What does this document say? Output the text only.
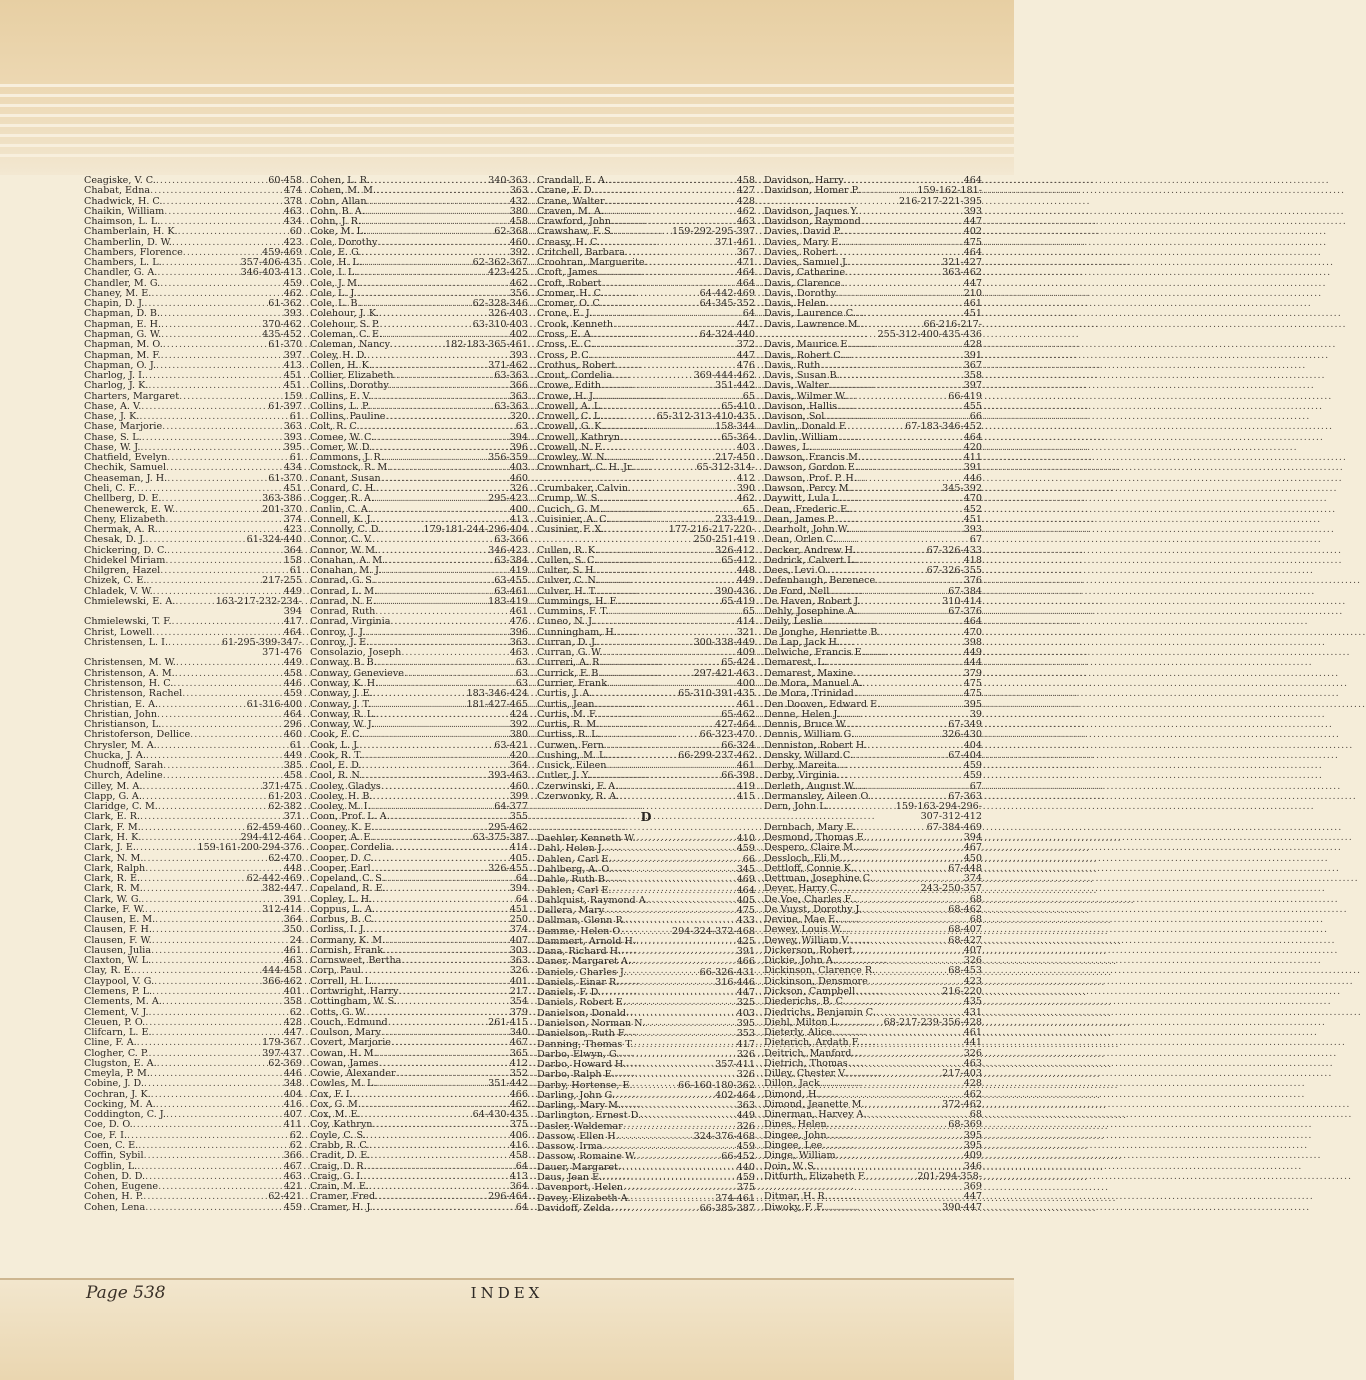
Ceagiske, V. C. .....	60-458
Chabat, Edna .....	474
Chadwick, H. C. .....	378
Chaikin, William .....	463
Chaimson, L. L. .....	434
Chamberlain, H. K. .....	60
Chamberlin, D. W. .....	423
Chambers, Florence .....	459-469
Chambers, L. L. .....	357-406-435
Chandler, G. A. .....	346-403-413
Chandler, M. G. .....	459
Chaney, M. E. .....	462
Chapin, D. J. .....	61-362
Chapman, D. B. .....	393
Chapman, E. H. .....	370-462
Chapman, G. W. .....	435-452
Chapman, M. O. .....	61-370
Chapman, M. F. .....	397
Chapman, O. J. .....	413
Charlog, J. I. .....	451
Charlog, J. K. .....	451
Charters, Margaret .....	159
Chase, A. V. .....	61-397
Chase, J. K. .....	61
Chase, Marjorie .....	363
Chase, S. L. .....	393
Chase, W. J. .....	395
Chatfield, Evelyn .....	61
Chechik, Samuel .....	434
Cheaseman, J. H. .....	61-370
Cheli, C. F. .....	451
Chellberg, D. E. .....	363-386
Chenewerck, E. W. .....	201-370
Cheny, Elizabeth .....	374
Chermak, A. R. .....	423
Chesak, D. J. .....	61-324-440
Chickering, D. C. .....	364
Chidekel Miriam .....	158
Chilgren, Hazel .....	61
Chizek, C. E. .....	217-255
Chladek, V. W. .....	449
Chmielewski, E. A. .....	163-217-232-234-
394
Chmielewski, T. F. .....	417
Christ, Lowell .....	464
Christensen, L. I. .....	61-295-399-347-
371-476
Christensen, M. W. .....	449
Christenson, A. M. .....	458
Christenson, H. C. .....	446
Christenson, Rachel .....	459
Christian, E. A. .....	61-316-400
Christian, John .....	464
Christianson, L. .....	296
Christoferson, Dellice .....	460
Chrysler, M. A. .....	61
Chucka, J. A. .....	449
Chudnoff, Sarah .....	385
Church, Adeline .....	458
Cilley, M. A. .....	371-475
Clapp, G. A. .....	61-203
Claridge, C. M. .....	62-382
Clark, E. R. .....	371
Clark, F. M. .....	62-459-460
Clark, H. K. .....	294-412-464
Clark, J. E. .....	159-161-200-294-376
Clark, N. M. .....	62-470
Clark, Ralph .....	448
Clark, R. E. .....	62-442-469
Clark, R. M. .....	382-447
Clark, W. G. .....	391
Clarke, F. W. .....	312-414
Clausen, E. M. .....	364
Clausen, F. H. .....	350
Clausen, F. W. .....	24
Clausen, Julia .....	461
Claxton, W. L. .....	463
Clay, R. E. .....	444-458
Claypool, V. G. .....	366-462
Clemens, P. L. .....	401
Clements, M. A. .....	358
Clement, V. J. .....	62
Cleuen, P. O. .....	428
Clifcarn, L. E. .....	447
Cline, F. A. .....	179-367
Clogher, C. P. .....	397-437
Clugston, E. A. .....	62-369
Cmeyla, P. M. .....	446
Cobine, J. D. .....	348
Cochran, J. K. .....	404
Cocking, M. A. .....	416
Coddington, C. J. .....	407
Coe, D. O. .....	411
Coe, F. I. .....	62
Coen, C. E. .....	62
Coffin, Sybil .....	366
Cogblin, L. .....	467
Cohen, D. D. .....	463
Cohen, Eugene .....	421
Cohen, H. P. .....	62-421
Cohen, Lena .....	459
Cohen, L. R. .....	340-363
Cohen, M. M. .....	363
Cohn, Allan .....	432
Cohn, B. A. .....	380
Cohn, J. R. .....	458
Coke, M. L. .....	62-368
Cole, Dorothy .....	460
Cole, E. G. .....	392
Cole, H. L. .....	62-362-367
Cole, I. L. .....	423-425
Cole, J. M. .....	462
Cole, L. J. .....	356
Cole, L. B. .....	62-328-346
Colehour, J. K. .....	326-403
Colehour, S. P. .....	63-310-403
Coleman, C. E. .....	402
Coleman, Nancy .....	182-183-365-461
Coley, H. D. .....	393
Collen, H. K. .....	371-462
Collier, Elizabeth .....	63-363
Collins, Dorothy .....	366
Collins, E. V. .....	363
Collins, L. P. .....	63-363
Collins, Pauline .....	320
Colt, R. C. .....	63
Comee, W. C. .....	394
Comer, W. D. .....	396
Commons, J. R. .....	356-359
Comstock, R. M. .....	403
Conant, Susan .....	460
Conard, C. H. .....	326
Cogger, R. A. .....	295-423
Conlin, C. A. .....	400
Connell, K. J. .....	413
Connolly, C. D. .....	179-181-244-296-404
Connor, C. V. .....	63-366
Connor, W. M. .....	346-423
Conahan, A. M. .....	63-384
Conahan, M. J. .....	419
Conrad, G. S. .....	63-455
Conrad, L. M. .....	63-461
Conrad, N. E. .....	183-419
Conrad, Ruth .....	461
Conrad, Virginia .....	476
Conroy, J. J. .....	396
Conroy, J. E. .....	363
Consolazio, Joseph .....	463
Conway, B. B. .....	63
Conway, Genevieve .....	63
Conway, K. H. .....	63
Conway, J. E. .....	183-346-424
Conway, J. T. .....	181-427-465
Conway, R. L. .....	424
Conway, W. J. .....	392
Cook, F. C. .....	380
Cook, L. J. .....	63-421
Cook, R. T. .....	420
Cool, E. D. .....	364
Cool, R. N. .....	393-463
Cooley, Gladys .....	460
Cooley, H. B. .....	399
Cooley, M. I. .....	64-377
Coon, Prof. L. A. .....	355
Cooney, K. E. .....	295-462
Cooper, A. E. .....	63-375-387
Cooper, Cordelia .....	414
Cooper, D. C. .....	405
Cooper, Earl .....	326-455
Copeland, C. S. .....	64
Copeland, R. E. .....	394
Copley, L. H. .....	64
Coppus, L. A. .....	451
Corbus, B. C. .....	250
Corliss, I. J. .....	374
Cormany, K. M. .....	407
Cornish, Frank .....	303
Cornsweet, Bertha .....	363
Corp, Paul .....	326
Correll, H. L. .....	401
Cortwright, Harry .....	217
Cottingham, W. S. .....	354
Cotts, G. W. .....	379
Couch, Edmund .....	261-415
Coulson, Mary .....	340
Covert, Marjorie .....	467
Cowan, H. M. .....	365
Cowan, James .....	412
Cowie, Alexander .....	352
Cowles, M. L. .....	351-442
Cox, F. I. .....	466
Cox, G. M. .....	462
Cox, M. E. .....	64-430-435
Coy, Kathryn .....	375
Coyle, C. S. .....	406
Crabb, R. C. .....	416
Cradit, D. E. .....	458
Craig, D. R. .....	64
Craig, G. I. .....	413
Crain, M. E. .....	364
Cramer, Fred .....	296-464
Cramer, H. J. .....	64
Crandall, E. A. .....	458
Crane, F. D. .....	427
Crane, Walter .....	428
Craven, M. A. .....	462
Crawford, John .....	463
Crawshaw, F. S. .....	159-292-295-397
Creasy, H. C. .....	371-461
Critchell, Barbara .....	367
Croohran, Marguerite .....	471
Croft, James .....	464
Croft, Robert .....	464
Cromer, H. C. .....	64-442-469
Cromer, O. C. .....	64-345-352
Crone, E. J. .....	64
Crook, Kenneth .....	447
Cross, E. A. .....	64-324-440
Cross, E. C. .....	372
Cross, P. C. .....	447
Crothus, Robert .....	476
Crout, Cordelia .....	369-444-462
Crowe, Edith .....	351-442
Crowe, H. J. .....	65
Crowell, A. L. .....	65-410
Crowell, C. L. .....	65-312-313-410-435
Crowell, G. K. .....	158-344
Crowell, Kathryn .....	65-364
Crowell, N. F. .....	403
Crowley, W. N. .....	217-450
Crownhart, C. H. Jr. .....	65-312-314-
412
Crumbaker, Calvin .....	390
Crump, W. S. .....	462
Cucich, G. M. .....	65
Cuisinier, A. C. .....	233-419
Cusinier, F. X. .....	177-216-217-220-
250-251-419
Cullen, R. K. .....	326-412
Cullen, S. C. .....	65-412
Culter, S. H. .....	448
Culver, C. N. .....	449
Culver, H. T. .....	390-436
Cummings, H. F. .....	65-419
Cummins, F. T. .....	65
Cuneo, N. J. .....	414
Cunningham, H. .....	321
Curran, D. J. .....	300-338-449
Curran, G. W. .....	409
Curreri, A. R. .....	65-424
Currick, F. B. .....	297-421-463
Currier, Frank .....	400
Curtis, J. A. .....	65-310-391-435
Curtis, Jean .....	461
Curtis, M. F. .....	65-462
Curtis, R. M. .....	427-464
Curtiss, R. L. .....	66-323-470
Curwen, Fern .....	66-324
Cushing, M. L. .....	66-299-237-462
Cusick, Eileen .....	461
Cutler, J. Y. .....	66-398
Czerwinski, F. A. .....	419
Czerwonky, R. A. .....	415
D
Daehler, Kenneth W. .....	410
Dahl, Helen J. .....	459
Dahlen, Carl E. .....	66
Dahlberg, A. O. .....	345
Dahle, Ruth B. .....	469
Dahlen, Carl E. .....	464
Dahlquist, Raymond A. .....	405
Dallera, Mary .....	475
Dallman, Glenn R. .....	433
Damme, Helen O. .....	294-324-372-468
Dammert, Arnold H. .....	425
Dana, Richard H. .....	391
Daner, Margaret A. .....	466
Daniels, Charles J. .....	66-326-431
Daniels, Einar R. .....	316-446
Daniels, F. D. .....	447
Daniels, Robert E. .....	325
Danielson, Donald .....	403
Danielson, Norman N. .....	395
Danielson, Ruth F. .....	353
Danning, Thomas T. .....	417
Darbo, Elwyn, G. .....	326
Darbo, Howard H. .....	357-411
Darbo, Ralph E. .....	326
Darby, Hortense, E. .....	66-160-180-362
Darling, John G. .....	402-464
Darling, Mary M. .....	363
Darlington, Ernest D. .....	449
Dasler, Waldemar .....	326
Dassow, Ellen H. .....	324-376-468
Dassow, Irma .....	459
Dassow, Romaine W. .....	66-452
Dauer, Margaret .....	440
Daus, Jean E. .....	459
Davenport, Helen .....	375
Davey, Elizabeth A. .....	374-461
Davidoff, Zelda .....	66-385-387
Davidson, Harry .....	464
Davidson, Homer P. .....	159-162-181-
216-217-221-395
Davidson, Jaques Y. .....	393
Davidson, Raymond .....	447
Davies, David P. .....	402
Davies, Mary E. .....	475
Davies, Robert .....	464
Davies, Samuel J. .....	321-427
Davis, Catherine .....	363-462
Davis, Clarence .....	447
Davis, Dorothy .....	210
Davis, Helen .....	461
Davis, Laurence C. .....	451
Davis, Lawrence M. .....	66-216-217-
255-312-400-435-436
Davis, Maurice E. .....	428
Davis, Robert C. .....	391
Davis, Ruth .....	367
Davis, Susan B. .....	358
Davis, Walter .....	397
Davis, Wilmer W. .....	66-419
Davison, Hallis .....	455
Davison, Sol .....	66
Davlin, Donald F. .....	67-183-346-452
Davlin, William .....	464
Dawes, L. .....	420
Dawson, Francis M. .....	411
Dawson, Gordon E. .....	391
Dawson, Prof. P. H. .....	446
Dawson, Percy M. .....	345-392
Daywitt, Lula L. .....	470
Dean, Frederic E. .....	452
Dean, James P. .....	451
Dearholt, John W. .....	393
Dean, Orlen C. .....	67
Decker, Andrew H. .....	67-326-433
Dedrick, Calvert L. .....	418
Dees, Levi O. .....	67-326-355
Defenbaugh, Berenece .....	376
De Ford, Nell .....	67-384
De Haven, Robert J. .....	310-414
Dehly, Josephine A. .....	67-376
Deily, Leslie .....	464
De Jonghe, Henriette B. .....	470
De Lap, Jack H. .....	398
Delwiche, Francis E. .....	449
Demarest, L. .....	444
Demarest, Maxine .....	379
De Mora, Manuel A. .....	475
De Mora, Trinidad .....	475
Den Dooven, Edward E. .....	395
Denne, Helen J. .....	39
Dennis, Bruce W. .....	67-349
Dennis, William G. .....	326-430
Denniston, Robert H. .....	404
Densky, Willard C. .....	67-404
Derby, Mareita .....	459
Derby, Virginia .....	459
Derleth, August W. .....	67
Dermansley, Aileen O. .....	67-363
Dern, John L. .....	159-163-294-296-
307-312-412
Dernbach, Mary E. .....	67-384-469
Desmond, Thomas E. .....	394
Despero, Claire M. .....	467
Dessloch, Eli M. .....	450
Dettloff, Connie K. .....	67-448
Dettman, Josephine C. .....	374
Dever, Harry C. .....	243-250-357
De Voe, Charles F. .....	68
De Vuyst, Dorothy J. .....	68-462
Devine, Mae E. .....	68
Dewey, Louis W. .....	68-407
Dewey, William V. .....	68-427
Dickerson, Robert .....	407
Dickie, John A. .....	326
Dickinson, Clarence R. .....	68-453
Dickinson, Densmore .....	423
Dickson, Campbell .....	216-220
Diederichs, B. C. .....	435
Diedrichs, Benjamin C. .....	431
Diehl, Milton L. .....	68-217-239-356-428
Dieterly, Alice .....	461
Dieterich, Ardath F. .....	441
Deitrich, Manford .....	326
Dietrich, Thomas .....	463
Dilley, Chester V. .....	217-403
Dillon, Jack .....	428
Dimond, H. .....	462
Dimond, Jeanette M. .....	372-462
Dinerman, Harvey A. .....	68
Dines, Helen .....	68-369
Dingee, John .....	395
Dingee, Lee .....	395
Dinge, William .....	409
Doin, W. S. .....	346
Ditfurth, Elizabeth F. .....	201-294-358-
369
Ditmar, H. R. .....	447
Diwoky, F. F. .....	390-447
Page 538	INDEX
